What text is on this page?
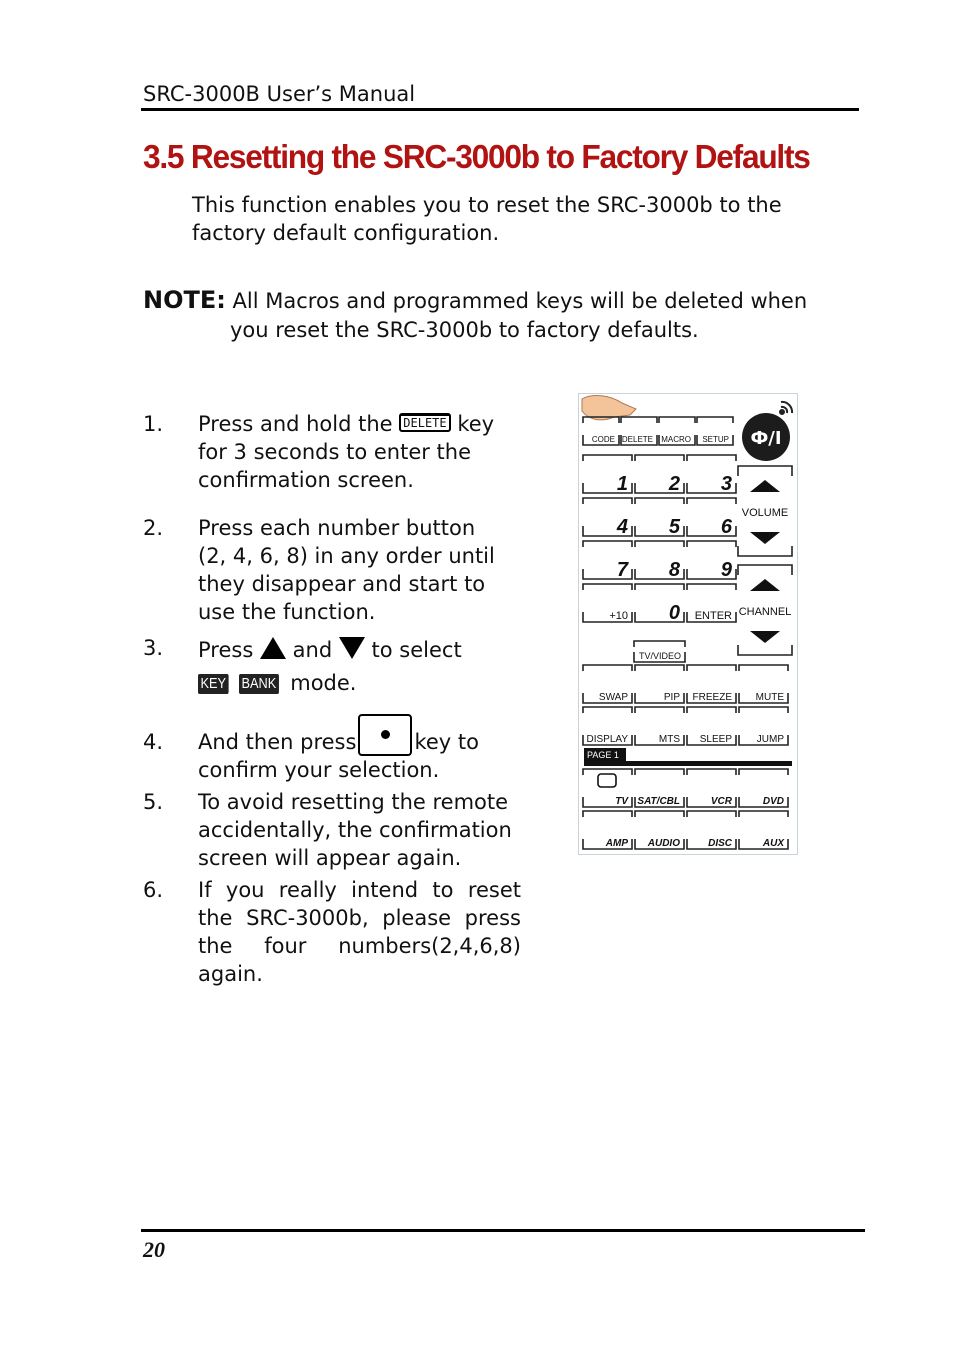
SRC-3000B User’s Manual
3.5 Resetting the SRC-3000b to Factory Defaults
This function enables you to reset the SRC-3000b to the factory default configuration.
NOTE: All Macros and programmed keys will be deleted when
you reset the SRC-3000b to factory defaults.
1. Press and hold the DELETE key for 3 seconds to enter the confirmation screen.
2. Press each number button (2, 4, 6, 8) in any order until they disappear and start to use the function.
3. Press and to select
KEY BANK mode.
4. And then press	key to confirm your selection.
5. To avoid resetting the remote accidentally, the confirmation screen will appear again.
6. If you really intend to reset the SRC-3000b, please press the four numbers(2,4,6,8) again.
CODE DELETE MACRO SETUP Ф/I
1 2 3
4 5 6
7 8 9
+10 0 ENTER
TV/VIDEO
SWAP	PIP FREEZE MUTE
DISPLAY	MTS SLEEP JUMP
VOLUME
CHANNEL
PAGE 1
TV SAT/CBL	VCR	DVD
AMP AUDIO	DISC	AUX
20
